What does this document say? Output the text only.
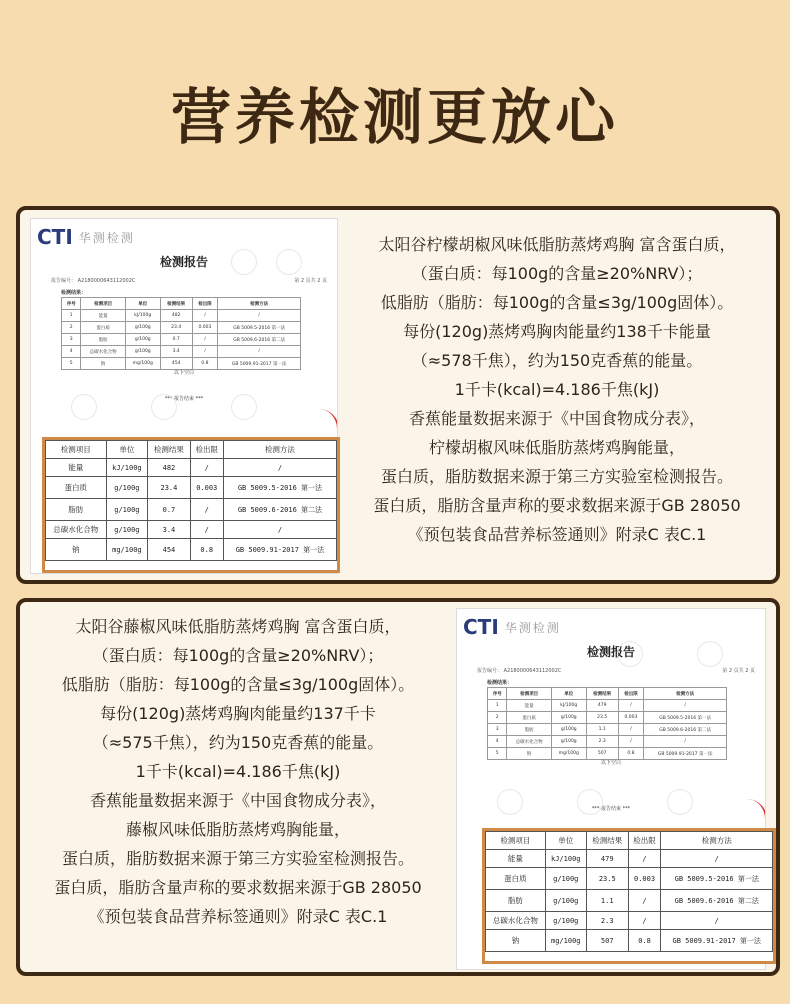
营养检测更放心
CTI 华测检测
检测报告
报告编号： A2180000643112002C	第 2 页共 2 页
检测结果：
序号	检测项目	单位	检测结果	检出限	检测方法
1	能量	kJ/100g	482	/	/
2	蛋白质	g/100g	23.4	0.003	GB 5009.5-2016 第一法
3	脂肪	g/100g	0.7	/	GB 5009.6-2016 第二法
4	总碳水化合物	g/100g	3.4	/	/
5	钠	mg/100g	454	0.8	GB 5009.91-2017 第一法
以下空白
*** 报告结束 ***
检测项目	单位	检测结果	检出限	检测方法
能量	kJ/100g	482	/	/
蛋白质	g/100g	23.4	0.003	GB 5009.5-2016 第一法
脂肪	g/100g	0.7	/	GB 5009.6-2016 第二法
总碳水化合物	g/100g	3.4	/	/
钠	mg/100g	454	0.8	GB 5009.91-2017 第一法
太阳谷柠檬胡椒风味低脂肪蒸烤鸡胸 富含蛋白质，
（蛋白质：每100g的含量≥20%NRV）；
低脂肪（脂肪：每100g的含量≤3g/100g固体）。
每份(120g)蒸烤鸡胸肉能量约138千卡能量
（≈578千焦），约为150克香蕉的能量。
1千卡(kcal)=4.186千焦(kJ)
香蕉能量数据来源于《中国食物成分表》，
柠檬胡椒风味低脂肪蒸烤鸡胸能量，
蛋白质，脂肪数据来源于第三方实验室检测报告。
蛋白质，脂肪含量声称的要求数据来源于GB 28050
《预包装食品营养标签通则》附录C 表C.1
太阳谷藤椒风味低脂肪蒸烤鸡胸 富含蛋白质，
（蛋白质：每100g的含量≥20%NRV）；
低脂肪（脂肪：每100g的含量≤3g/100g固体）。
每份(120g)蒸烤鸡胸肉能量约137千卡
（≈575千焦），约为150克香蕉的能量。
1千卡(kcal)=4.186千焦(kJ)
香蕉能量数据来源于《中国食物成分表》，
藤椒风味低脂肪蒸烤鸡胸能量，
蛋白质，脂肪数据来源于第三方实验室检测报告。
蛋白质，脂肪含量声称的要求数据来源于GB 28050
《预包装食品营养标签通则》附录C 表C.1
CTI 华测检测
检测报告
报告编号： A2180000643112002C	第 2 页共 2 页
检测结果：
序号	检测项目	单位	检测结果	检出限	检测方法
1	能量	kJ/100g	479	/	/
2	蛋白质	g/100g	23.5	0.003	GB 5009.5-2016 第一法
3	脂肪	g/100g	1.1	/	GB 5009.6-2016 第二法
4	总碳水化合物	g/100g	2.3	/	/
5	钠	mg/100g	507	0.8	GB 5009.91-2017 第一法
以下空白
*** 报告结束 ***
检测项目	单位	检测结果	检出限	检测方法
能量	kJ/100g	479	/	/
蛋白质	g/100g	23.5	0.003	GB 5009.5-2016 第一法
脂肪	g/100g	1.1	/	GB 5009.6-2016 第二法
总碳水化合物	g/100g	2.3	/	/
钠	mg/100g	507	0.8	GB 5009.91-2017 第一法
